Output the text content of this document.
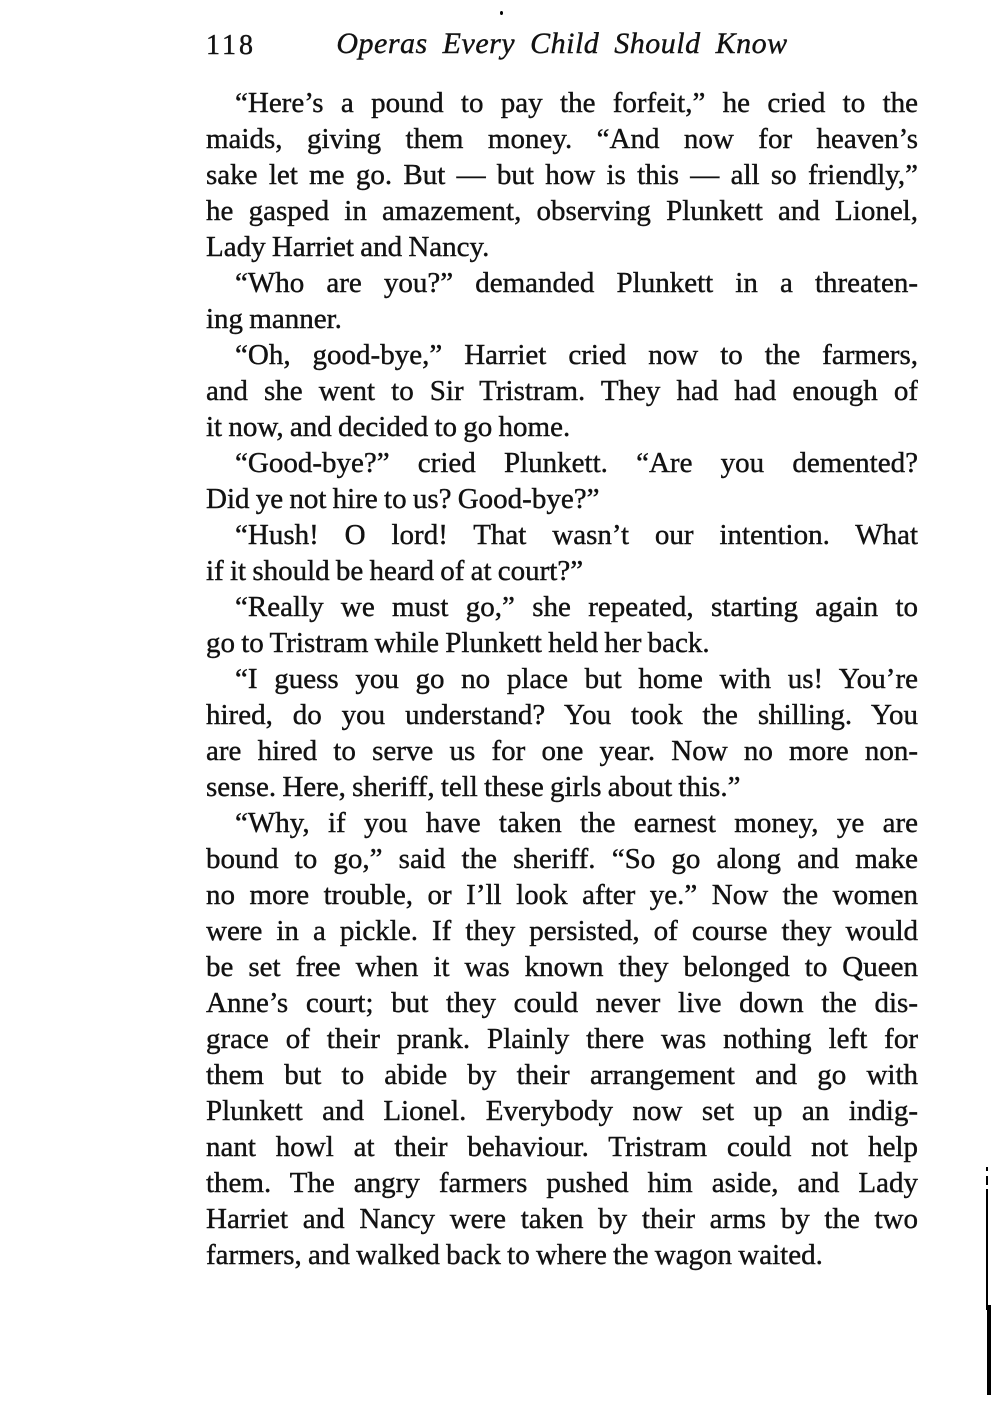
118	Operas Every Child Should Know
“Here’s a pound to pay the forfeit,” he cried to the
maids, giving them money. “And now for heaven’s
sake let me go. But — but how is this — all so friendly,”
he gasped in amazement, observing Plunkett and Lionel,
Lady Harriet and Nancy.
“Who are you?” demanded Plunkett in a threaten-
ing manner.
“Oh, good-bye,” Harriet cried now to the farmers,
and she went to Sir Tristram. They had had enough of
it now, and decided to go home.
“Good-bye?” cried Plunkett. “Are you demented?
Did ye not hire to us? Good-bye?”
“Hush! O lord! That wasn’t our intention. What
if it should be heard of at court?”
“Really we must go,” she repeated, starting again to
go to Tristram while Plunkett held her back.
“I guess you go no place but home with us! You’re
hired, do you understand? You took the shilling. You
are hired to serve us for one year. Now no more non-
sense. Here, sheriff, tell these girls about this.”
“Why, if you have taken the earnest money, ye are
bound to go,” said the sheriff. “So go along and make
no more trouble, or I’ll look after ye.” Now the women
were in a pickle. If they persisted, of course they would
be set free when it was known they belonged to Queen
Anne’s court; but they could never live down the dis-
grace of their prank. Plainly there was nothing left for
them but to abide by their arrangement and go with
Plunkett and Lionel. Everybody now set up an indig-
nant howl at their behaviour. Tristram could not help
them. The angry farmers pushed him aside, and Lady
Harriet and Nancy were taken by their arms by the two
farmers, and walked back to where the wagon waited.
